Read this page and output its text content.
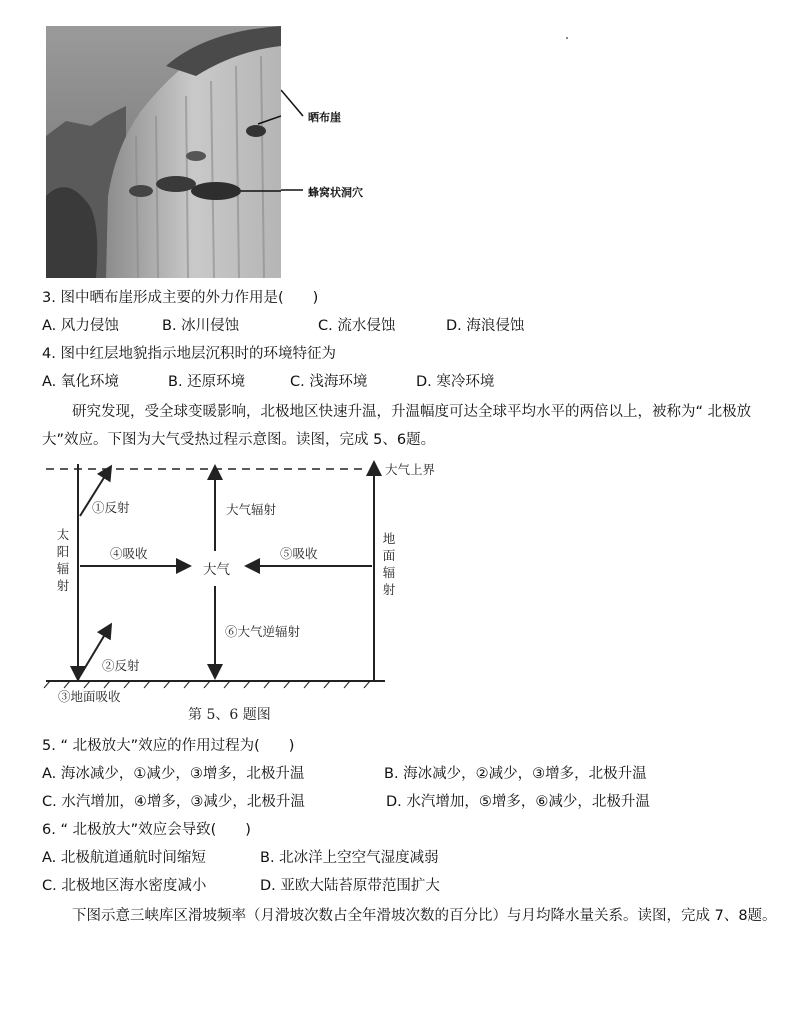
晒布崖
蜂窝状洞穴
3. 图中晒布崖形成主要的外力作用是(　　)
A. 风力侵蚀	B. 冰川侵蚀	C. 流水侵蚀	D. 海浪侵蚀
4. 图中红层地貌指示地层沉积时的环境特征为
A. 氧化环境	B. 还原环境	C. 浅海环境	D. 寒冷环境
研究发现，受全球变暖影响，北极地区快速升温，升温幅度可达全球平均水平的两倍以上，被称为“ 北极放大”效应。下图为大气受热过程示意图。读图，完成 5、6题。
大气上界
①反射	大气辐射
太阳辐射
地面辐射
④吸收	⑤吸收
大气
⑥大气逆辐射
②反射
③地面吸收
第 5、6 题图
5. “ 北极放大”效应的作用过程为(　　)
A. 海冰减少，①减少，③增多，北极升温	B. 海冰减少，②减少，③增多，北极升温
C. 水汽增加，④增多，③减少，北极升温	D. 水汽增加，⑤增多，⑥减少，北极升温
6. “ 北极放大”效应会导致(　　)
A. 北极航道通航时间缩短	B. 北冰洋上空空气湿度减弱
C. 北极地区海水密度减小	D. 亚欧大陆苔原带范围扩大
下图示意三峡库区滑坡频率（月滑坡次数占全年滑坡次数的百分比）与月均降水量关系。读图，完成 7、8题。
